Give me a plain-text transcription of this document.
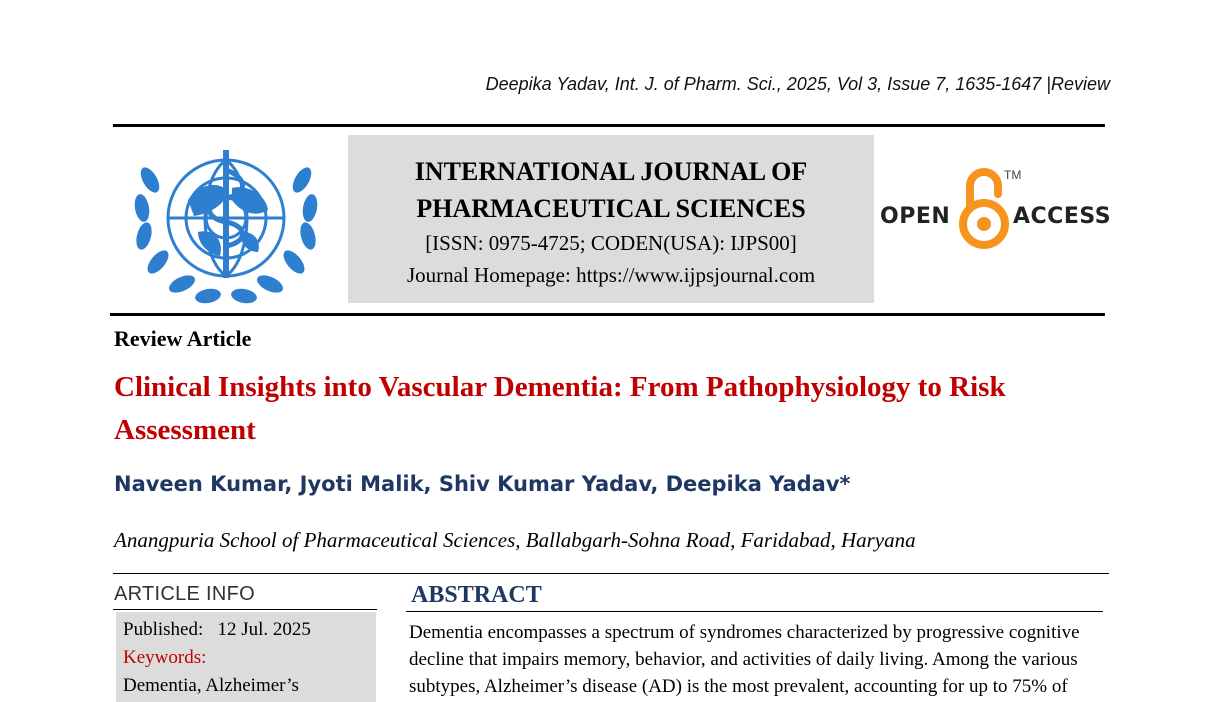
Deepika Yadav, Int. J. of Pharm. Sci., 2025, Vol 3, Issue 7, 1635-1647 |Review
INTERNATIONAL JOURNAL OF
PHARMACEUTICAL SCIENCES
[ISSN: 0975-4725; CODEN(USA): IJPS00]
Journal Homepage: https://www.ijpsjournal.com
OPEN
TM
ACCESS
Review Article
Clinical Insights into Vascular Dementia: From Pathophysiology to Risk Assessment
Naveen Kumar, Jyoti Malik, Shiv Kumar Yadav, Deepika Yadav*
Anangpuria School of Pharmaceutical Sciences, Ballabgarh-Sohna Road, Faridabad, Haryana
ARTICLE INFO
Published: 12 Jul. 2025
Keywords:
Dementia, Alzheimer’s
ABSTRACT
Dementia encompasses a spectrum of syndromes characterized by progressive cognitive
decline that impairs memory, behavior, and activities of daily living. Among the various
subtypes, Alzheimer’s disease (AD) is the most prevalent, accounting for up to 75% of
